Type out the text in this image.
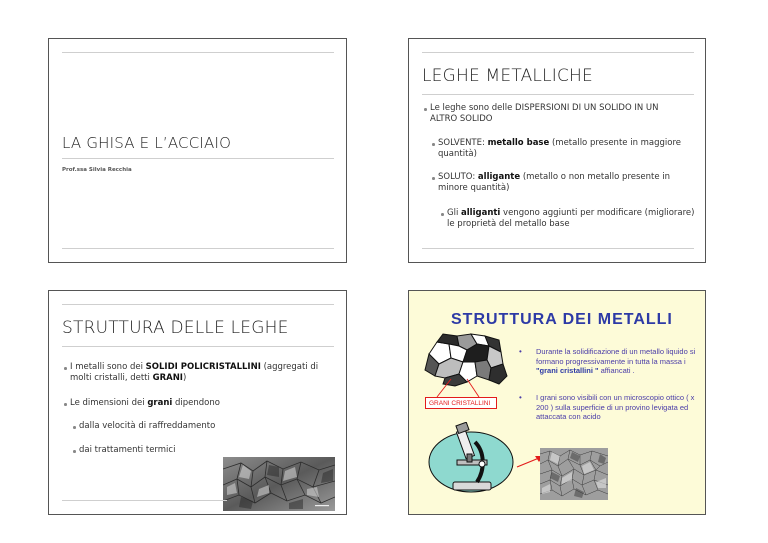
LA GHISA E L’ACCIAIO
Prof.ssa Silvia Recchia
LEGHE METALLICHE
Le leghe sono delle DISPERSIONI DI UN SOLIDO IN UN ALTRO SOLIDO
SOLVENTE: metallo base (metallo presente in maggiore quantità)
SOLUTO: alligante (metallo o non metallo presente in minore quantità)
Gli alliganti vengono aggiunti per modificare (migliorare) le proprietà del metallo base
STRUTTURA DELLE LEGHE
I metalli sono dei SOLIDI POLICRISTALLINI (aggregati di molti cristalli, detti GRANI)
Le dimensioni dei grani dipendono
dalla velocità di raffreddamento
dai trattamenti termici
STRUTTURA DEI METALLI
GRANI CRISTALLINI
• Durante la solidificazione di un metallo liquido si formano progressivamente in tutta la massa i "grani cristallini " affiancati .
• I grani sono visibili con un microscopio ottico ( x 200 ) sulla superficie di un provino levigata ed attaccata con acido
